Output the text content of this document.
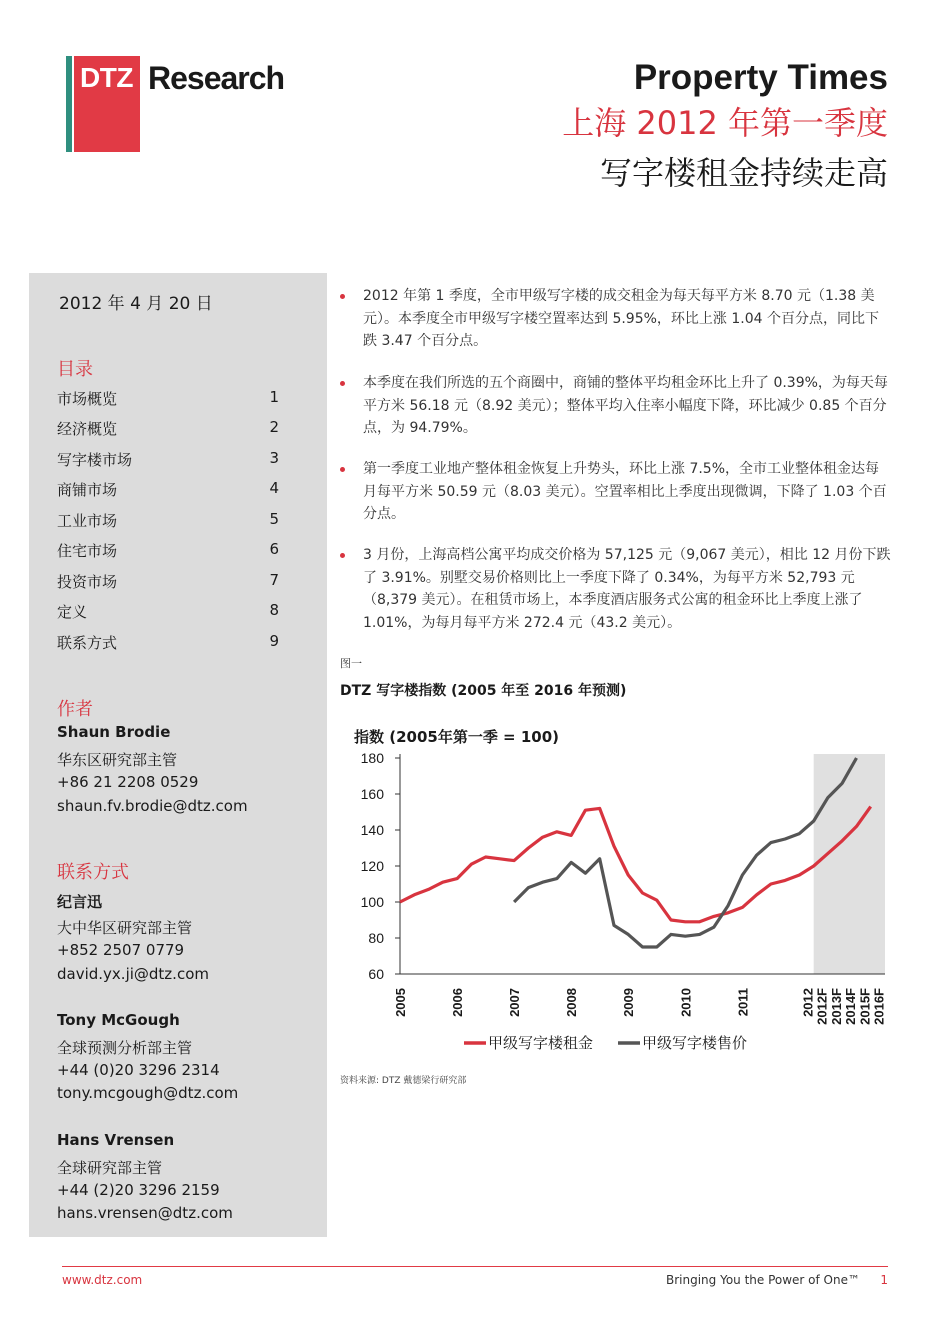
DTZ Research	Property Times
上海 2012 年第一季度
写字楼租金持续走高
2012 年 4 月 20 日
目录
市场概览	1
经济概览	2
写字楼市场	3
商铺市场	4
工业市场	5
住宅市场	6
投资市场	7
定义	8
联系方式	9
作者
Shaun Brodie
华东区研究部主管
+86 21 2208 0529
shaun.fv.brodie@dtz.com
联系方式
纪言迅
大中华区研究部主管
+852 2507 0779
david.yx.ji@dtz.com
Tony McGough
全球预测分析部主管
+44 (0)20 3296 2314
tony.mcgough@dtz.com
Hans Vrensen
全球研究部主管
+44 (2)20 3296 2159
hans.vrensen@dtz.com
2012 年第 1 季度，全市甲级写字楼的成交租金为每天每平方米 8.70 元（1.38 美元）。本季度全市甲级写字楼空置率达到 5.95%，环比上涨 1.04 个百分点，同比下跌 3.47 个百分点。
本季度在我们所选的五个商圈中，商铺的整体平均租金环比上升了 0.39%，为每天每平方米 56.18 元（8.92 美元）；整体平均入住率小幅度下降，环比减少 0.85 个百分点，为 94.79%。
第一季度工业地产整体租金恢复上升势头，环比上涨 7.5%，全市工业整体租金达每月每平方米 50.59 元（8.03 美元）。空置率相比上季度出现微调，下降了 1.03 个百分点。
3 月份，上海高档公寓平均成交价格为 57,125 元（9,067 美元），相比 12 月份下跌了 3.91%。别墅交易价格则比上一季度下降了 0.34%，为每平方米 52,793 元（8,379 美元）。在租赁市场上，本季度酒店服务式公寓的租金环比上季度上涨了 1.01%，为每月每平方米 272.4 元（43.2 美元）。
图一
DTZ 写字楼指数 (2005 年至 2016 年预测)
指数 (2005年第一季 = 100)
60
80
100
120
140
160
180
2005	2006	2007	2008	2009	2010	2011	2012 2012F 2013F 2014F 2015F 2016F
甲级写字楼租金	甲级写字楼售价
资料来源: DTZ 戴德梁行研究部
www.dtz.com	Bringing You the Power of One™ 1
